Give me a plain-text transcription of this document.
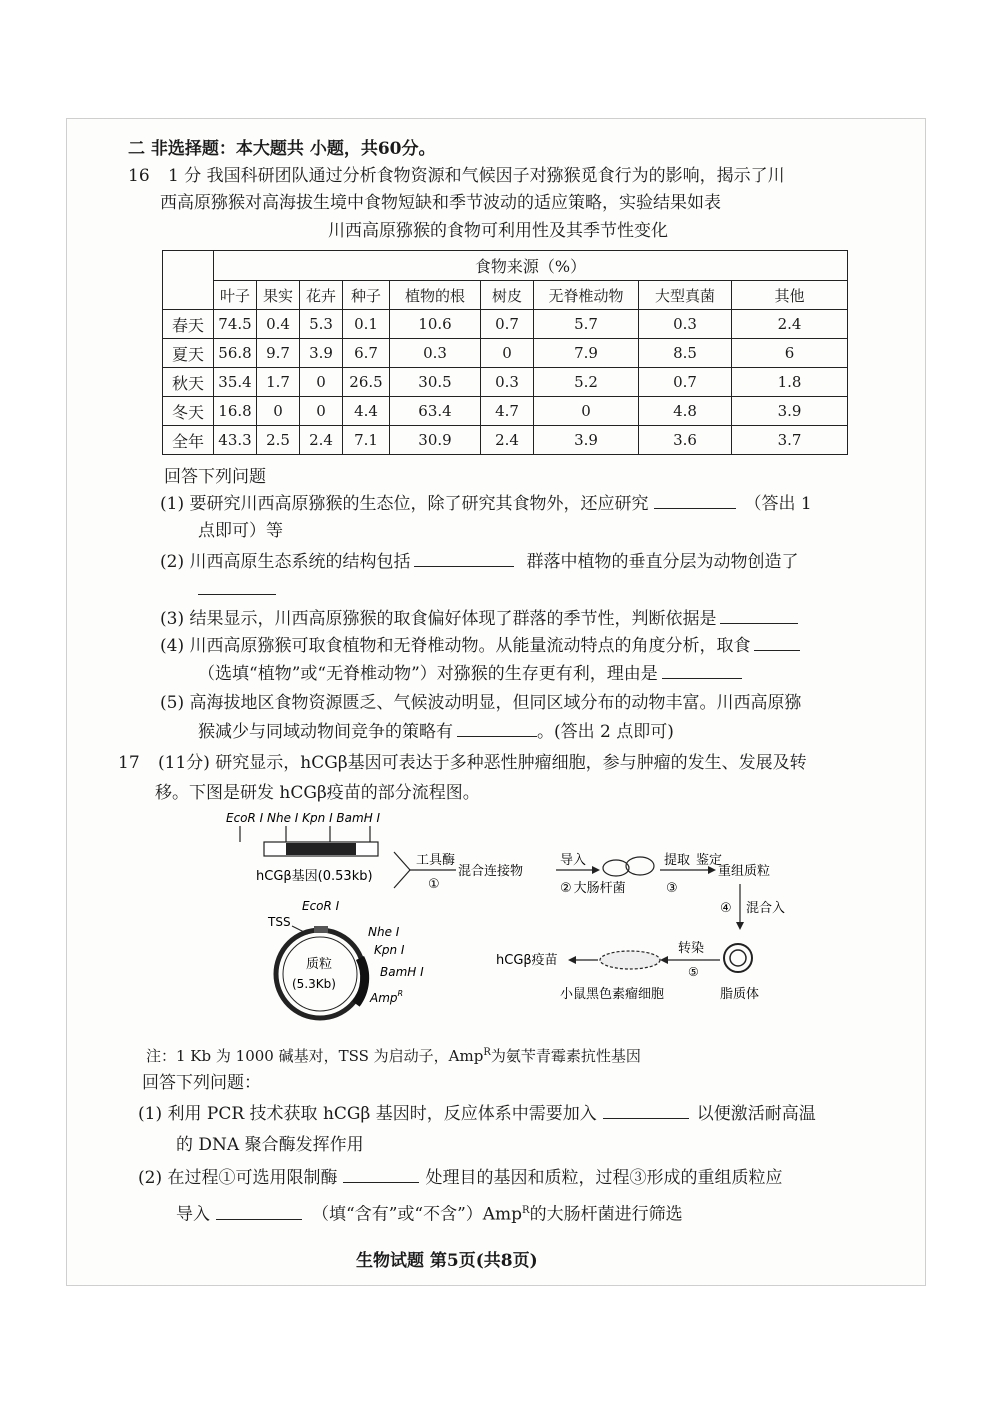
二 非选择题：本大题共 小题，共60分。
16 1 分 我国科研团队通过分析食物资源和气候因子对猕猴觅食行为的影响，揭示了川
西高原猕猴对高海拔生境中食物短缺和季节波动的适应策略，实验结果如表
川西高原猕猴的食物可利用性及其季节性变化
	食物来源（%）								
	叶子	果实	花卉	种子	植物的根	树皮	无脊椎动物	大型真菌	其他
春天	74.5	0.4	5.3	0.1	10.6	0.7	5.7	0.3	2.4
夏天	56.8	9.7	3.9	6.7	0.3	0	7.9	8.5	6
秋天	35.4	1.7	0	26.5	30.5	0.3	5.2	0.7	1.8
冬天	16.8	0	0	4.4	63.4	4.7	0	4.8	3.9
全年	43.3	2.5	2.4	7.1	30.9	2.4	3.9	3.6	3.7
回答下列问题
(1) 要研究川西高原猕猴的生态位，除了研究其食物外，还应研究	（答出 1
点即可）等
(2) 川西高原生态系统的结构包括	群落中植物的垂直分层为动物创造了
(3) 结果显示，川西高原猕猴的取食偏好体现了群落的季节性，判断依据是
(4) 川西高原猕猴可取食植物和无脊椎动物。从能量流动特点的角度分析，取食
（选填“植物”或“无脊椎动物”）对猕猴的生存更有利，理由是
(5) 高海拔地区食物资源匮乏、气候波动明显，但同区域分布的动物丰富。川西高原猕
猴减少与同域动物间竞争的策略有	。(答出 2 点即可)
17 (11分) 研究显示，hCGβ基因可表达于多种恶性肿瘤细胞，参与肿瘤的发生、发展及转
移。下图是研发 hCGβ疫苗的部分流程图。
EcoR Ⅰ Nhe Ⅰ Kpn Ⅰ BamH Ⅰ
hCGβ基因(0.53kb)
工具酶
①
混合连接物
导入
② 大肠杆菌
提取 鉴定
③
重组质粒
④ 混合入
TSS
EcoR Ⅰ
Nhe Ⅰ
Kpn Ⅰ
BamH Ⅰ
Amp$^R$
质粒
(5.3Kb)
hCGβ疫苗
转染
⑤
小鼠黑色素瘤细胞	脂质体
注：1 Kb 为 1000 碱基对，TSS 为启动子，Amp$^R$为氨苄青霉素抗性基因
回答下列问题：
(1) 利用 PCR 技术获取 hCGβ 基因时，反应体系中需要加入	以便激活耐高温
的 DNA 聚合酶发挥作用
(2) 在过程①可选用限制酶	处理目的基因和质粒，过程③形成的重组质粒应
导入	（填“含有”或“不含”）Amp$^R$的大肠杆菌进行筛选
生物试题 第5页(共8页)
